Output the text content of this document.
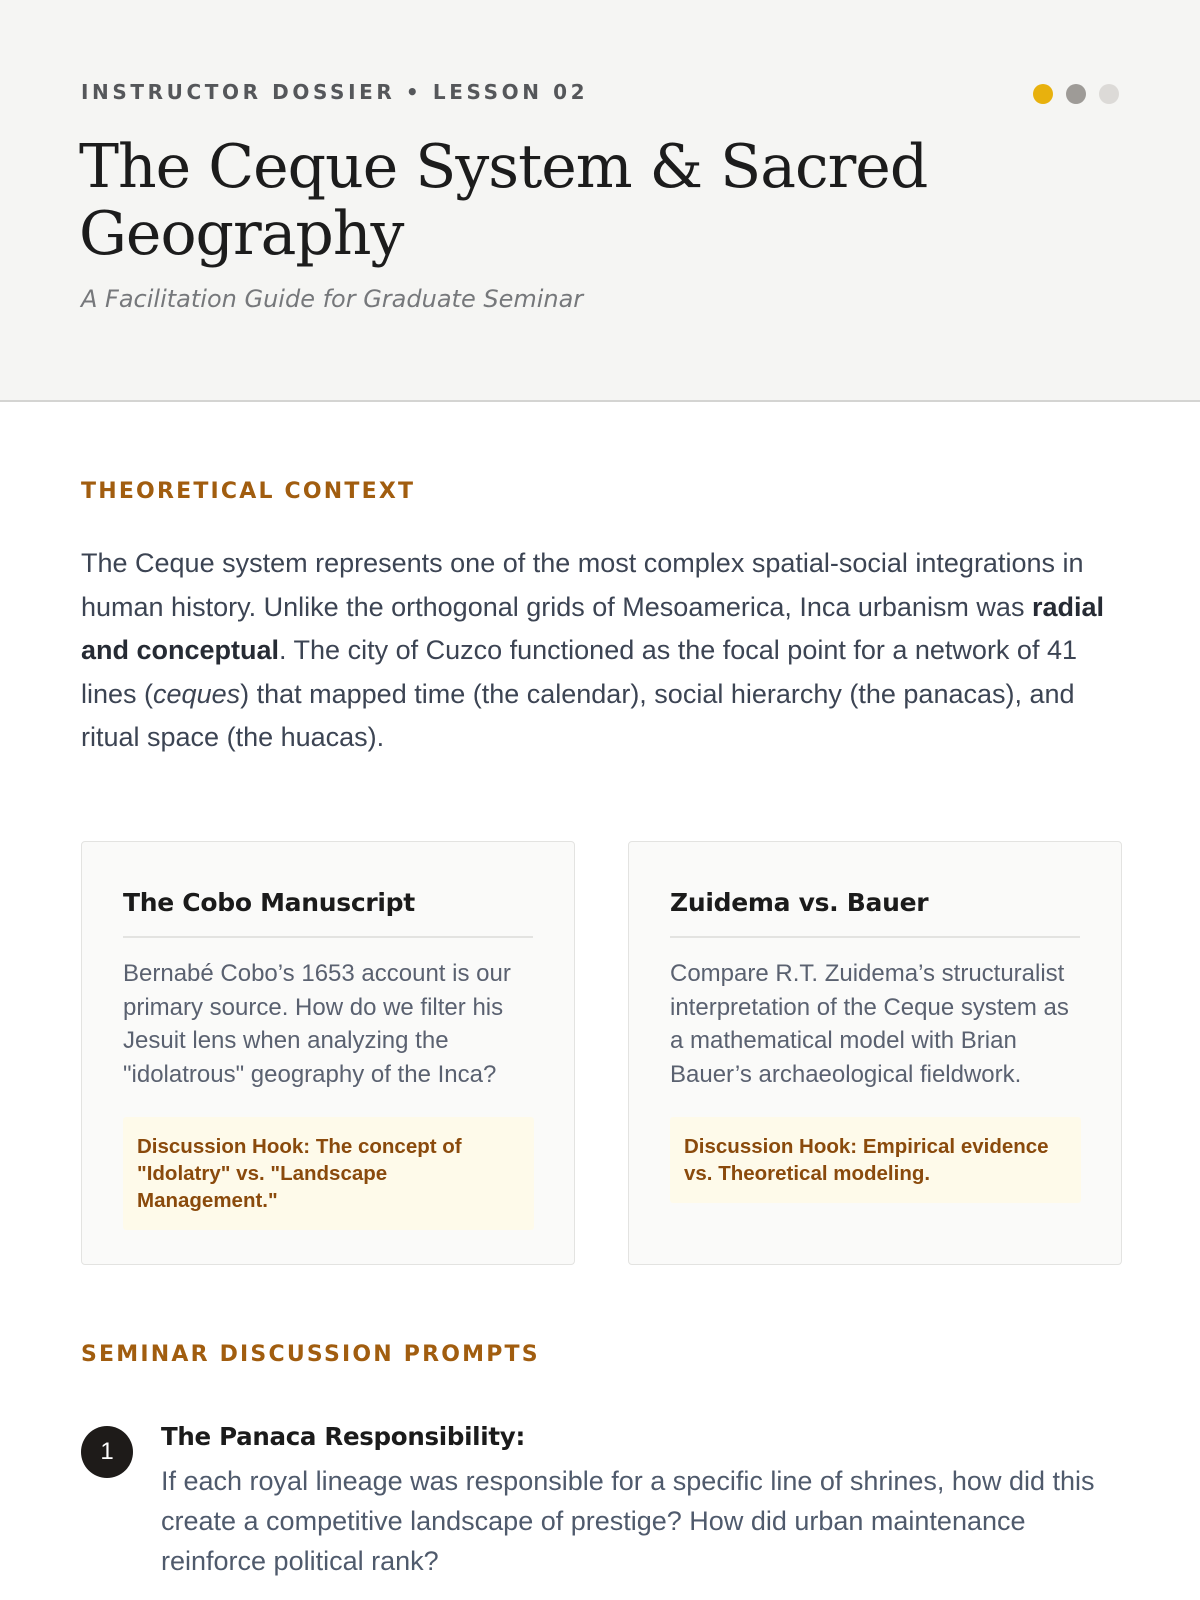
INSTRUCTOR DOSSIER • LESSON 02
The Ceque System & Sacred Geography
A Facilitation Guide for Graduate Seminar
THEORETICAL CONTEXT

The Ceque system represents one of the most complex spatial-social integrations in human history. Unlike the orthogonal grids of Mesoamerica, Inca urbanism was radial and conceptual. The city of Cuzco functioned as the focal point for a network of 41 lines (ceques) that mapped time (the calendar), social hierarchy (the panacas), and ritual space (the huacas).

The Cobo Manuscript
Bernabé Cobo’s 1653 account is our primary source. How do we filter his Jesuit lens when analyzing the "idolatrous" geography of the Inca?
Discussion Hook: The concept of "Idolatry" vs. "Landscape Management."
Zuidema vs. Bauer
Compare R.T. Zuidema’s structuralist interpretation of the Ceque system as a mathematical model with Brian Bauer’s archaeological fieldwork.
Discussion Hook: Empirical evidence vs. Theoretical modeling.
SEMINAR DISCUSSION PROMPTS
1
The Panaca Responsibility:
If each royal lineage was responsible for a specific line of shrines, how did this create a competitive landscape of prestige? How did urban maintenance reinforce political rank?
